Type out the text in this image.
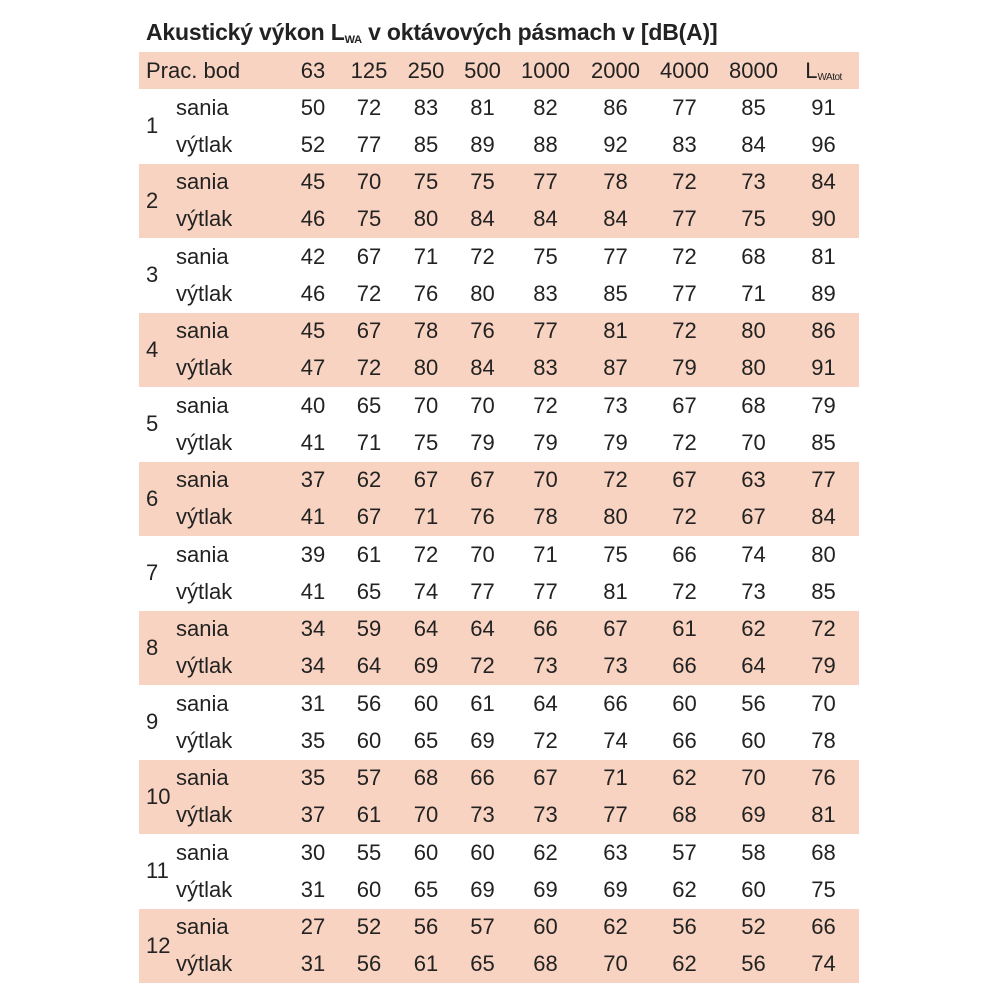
Akustický výkon $L_{WA}$ v oktávových pásmach v [dB(A)]
Prac. bod		63	125	250	500	1000	2000	4000	8000	$L_{WAtot}$
1	sania	50	72	83	81	82	86	77	85	91
	výtlak	52	77	85	89	88	92	83	84	96
2	sania	45	70	75	75	77	78	72	73	84
	výtlak	46	75	80	84	84	84	77	75	90
3	sania	42	67	71	72	75	77	72	68	81
	výtlak	46	72	76	80	83	85	77	71	89
4	sania	45	67	78	76	77	81	72	80	86
	výtlak	47	72	80	84	83	87	79	80	91
5	sania	40	65	70	70	72	73	67	68	79
	výtlak	41	71	75	79	79	79	72	70	85
6	sania	37	62	67	67	70	72	67	63	77
	výtlak	41	67	71	76	78	80	72	67	84
7	sania	39	61	72	70	71	75	66	74	80
	výtlak	41	65	74	77	77	81	72	73	85
8	sania	34	59	64	64	66	67	61	62	72
	výtlak	34	64	69	72	73	73	66	64	79
9	sania	31	56	60	61	64	66	60	56	70
	výtlak	35	60	65	69	72	74	66	60	78
10	sania	35	57	68	66	67	71	62	70	76
	výtlak	37	61	70	73	73	77	68	69	81
11	sania	30	55	60	60	62	63	57	58	68
	výtlak	31	60	65	69	69	69	62	60	75
12	sania	27	52	56	57	60	62	56	52	66
	výtlak	31	56	61	65	68	70	62	56	74
